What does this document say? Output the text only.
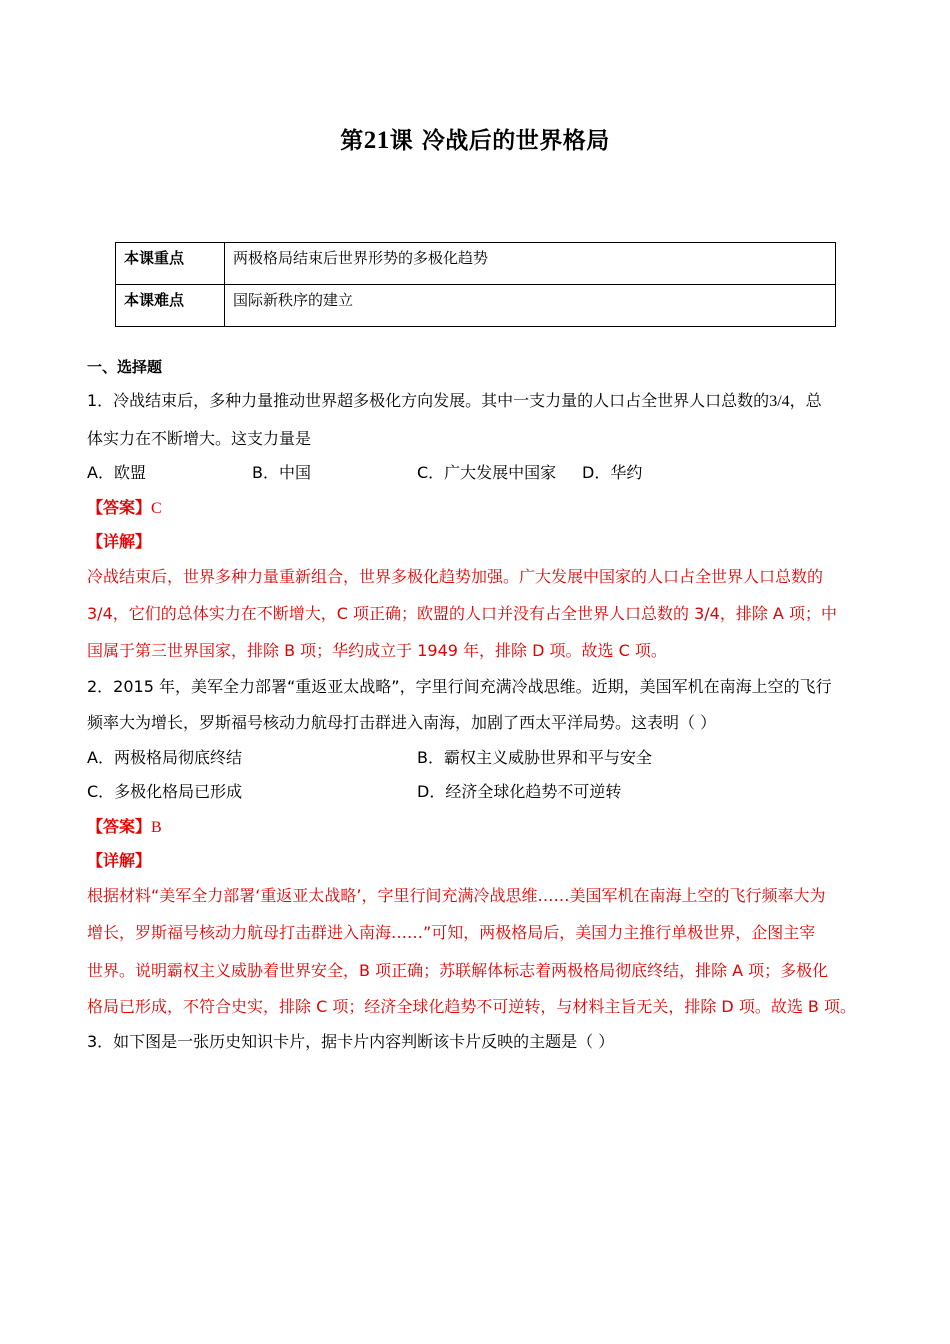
第21课 冷战后的世界格局
本课重点	两极格局结束后世界形势的多极化趋势
本课难点	国际新秩序的建立
一、选择题
1．冷战结束后，多种力量推动世界超多极化方向发展。其中一支力量的人口占全世界人口总数的3/4，总
体实力在不断增大。这支力量是
A．欧盟	B．中国	C．广大发展中国家 D．华约
【答案】C
【详解】
冷战结束后，世界多种力量重新组合，世界多极化趋势加强。广大发展中国家的人口占全世界人口总数的
3/4，它们的总体实力在不断增大，C 项正确；欧盟的人口并没有占全世界人口总数的 3/4，排除 A 项；中
国属于第三世界国家，排除 B 项；华约成立于 1949 年，排除 D 项。故选 C 项。
2．2015 年，美军全力部署“重返亚太战略”，字里行间充满冷战思维。近期，美国军机在南海上空的飞行
频率大为增长，罗斯福号核动力航母打击群进入南海，加剧了西太平洋局势。这表明（ ）
A．两极格局彻底终结	B．霸权主义威胁世界和平与安全
C．多极化格局已形成	D．经济全球化趋势不可逆转
【答案】B
【详解】
根据材料“美军全力部署‘重返亚太战略’，字里行间充满冷战思维……美国军机在南海上空的飞行频率大为
增长，罗斯福号核动力航母打击群进入南海……”可知，两极格局后，美国力主推行单极世界，企图主宰
世界。说明霸权主义威胁着世界安全，B 项正确；苏联解体标志着两极格局彻底终结，排除 A 项；多极化
格局已形成，不符合史实，排除 C 项；经济全球化趋势不可逆转，与材料主旨无关，排除 D 项。故选 B 项。
3．如下图是一张历史知识卡片，据卡片内容判断该卡片反映的主题是（ ）
